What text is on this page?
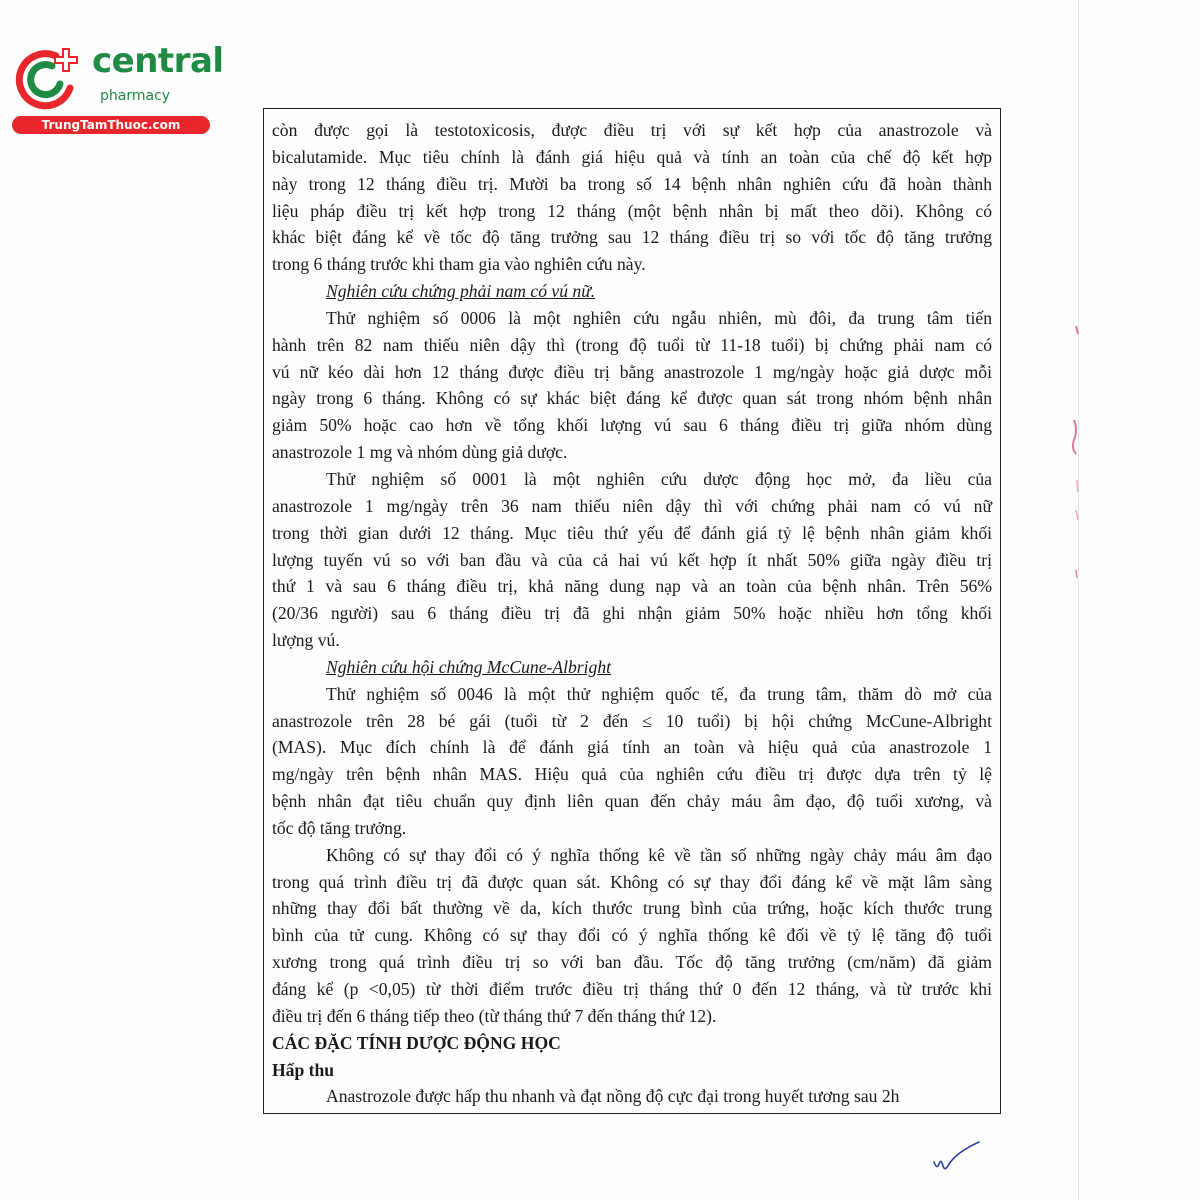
central
pharmacy
TrungTamThuoc.com	còn được gọi là testotoxicosis, được điều trị với sự kết hợp của anastrozole và

bicalutamide. Mục tiêu chính là đánh giá hiệu quả và tính an toàn của chế độ kết hợp

này trong 12 tháng điều trị. Mười ba trong số 14 bệnh nhân nghiên cứu đã hoàn thành

liệu pháp điều trị kết hợp trong 12 tháng (một bệnh nhân bị mất theo dõi). Không có

khác biệt đáng kể về tốc độ tăng trưởng sau 12 tháng điều trị so với tốc độ tăng trưởng

trong 6 tháng trước khi tham gia vào nghiên cứu này.

Nghiên cứu chứng phải nam có vú nữ.

Thử nghiệm số 0006 là một nghiên cứu ngẫu nhiên, mù đôi, đa trung tâm tiến

hành trên 82 nam thiếu niên dậy thì (trong độ tuổi từ 11-18 tuổi) bị chứng phải nam có

vú nữ kéo dài hơn 12 tháng được điều trị bằng anastrozole 1 mg/ngày hoặc giả dược mỗi

ngày trong 6 tháng. Không có sự khác biệt đáng kể được quan sát trong nhóm bệnh nhân

giảm 50% hoặc cao hơn về tổng khối lượng vú sau 6 tháng điều trị giữa nhóm dùng

anastrozole 1 mg và nhóm dùng giả dược.

Thử nghiệm số 0001 là một nghiên cứu dược động học mở, đa liều của

anastrozole 1 mg/ngày trên 36 nam thiếu niên dậy thì với chứng phải nam có vú nữ

trong thời gian dưới 12 tháng. Mục tiêu thứ yếu để đánh giá tỷ lệ bệnh nhân giảm khối

lượng tuyến vú so với ban đầu và của cả hai vú kết hợp ít nhất 50% giữa ngày điều trị

thứ 1 và sau 6 tháng điều trị, khả năng dung nạp và an toàn của bệnh nhân. Trên 56%

(20/36 người) sau 6 tháng điều trị đã ghi nhận giảm 50% hoặc nhiều hơn tổng khối

lượng vú.

Nghiên cứu hội chứng McCune-Albright

Thử nghiệm số 0046 là một thử nghiệm quốc tế, đa trung tâm, thăm dò mở của

anastrozole trên 28 bé gái (tuổi từ 2 đến ≤ 10 tuổi) bị hội chứng McCune-Albright

(MAS). Mục đích chính là để đánh giá tính an toàn và hiệu quả của anastrozole 1

mg/ngày trên bệnh nhân MAS. Hiệu quả của nghiên cứu điều trị được dựa trên tỷ lệ

bệnh nhân đạt tiêu chuẩn quy định liên quan đến chảy máu âm đạo, độ tuổi xương, và

tốc độ tăng trưởng.

Không có sự thay đổi có ý nghĩa thống kê về tần số những ngày chảy máu âm đạo

trong quá trình điều trị đã được quan sát. Không có sự thay đổi đáng kể về mặt lâm sàng

những thay đổi bất thường về da, kích thước trung bình của trứng, hoặc kích thước trung

bình của tử cung. Không có sự thay đổi có ý nghĩa thống kê đối về tỷ lệ tăng độ tuổi

xương trong quá trình điều trị so với ban đầu. Tốc độ tăng trưởng (cm/năm) đã giảm

đáng kể (p <0,05) từ thời điểm trước điều trị tháng thứ 0 đến 12 tháng, và từ trước khi

điều trị đến 6 tháng tiếp theo (từ tháng thứ 7 đến tháng thứ 12).

CÁC ĐẶC TÍNH DƯỢC ĐỘNG HỌC

Hấp thu

Anastrozole được hấp thu nhanh và đạt nồng độ cực đại trong huyết tương sau 2h
